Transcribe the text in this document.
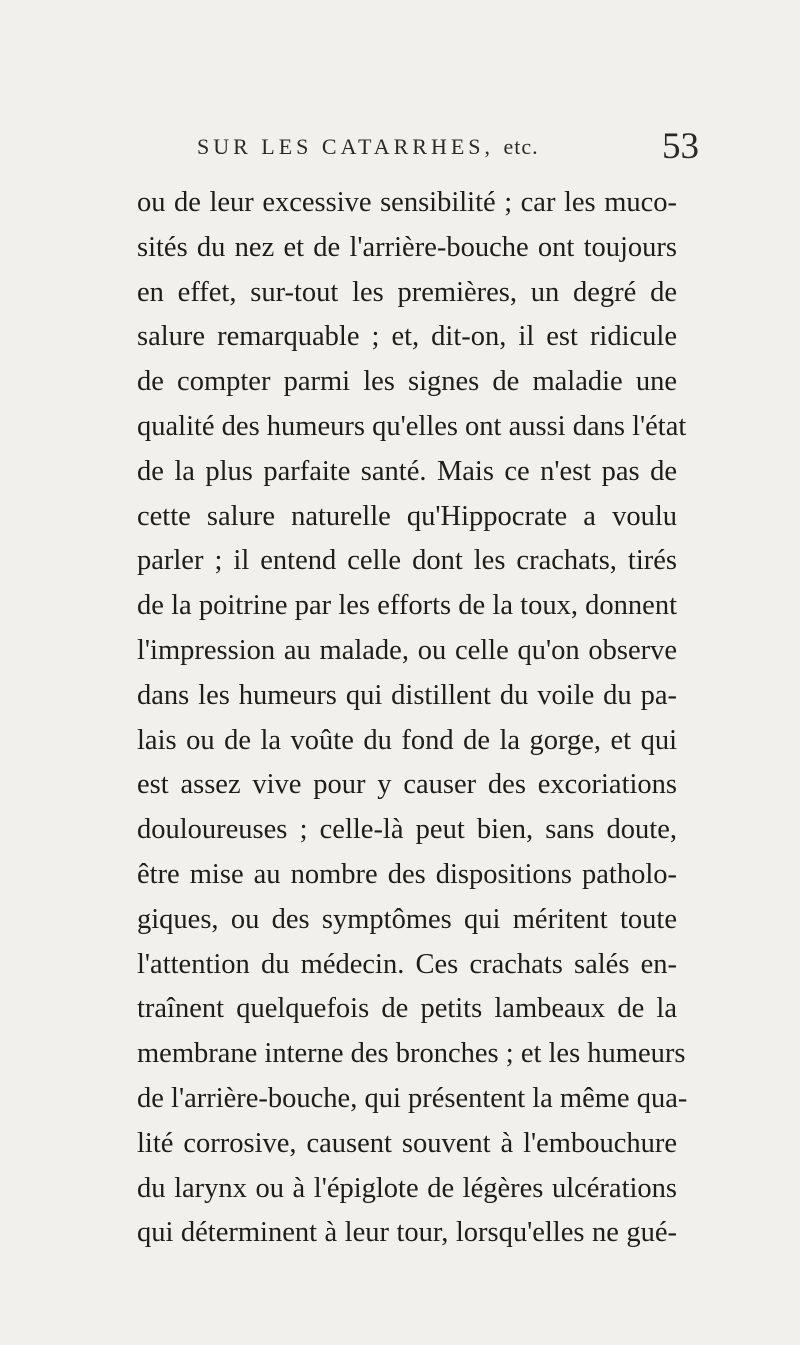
SUR LES CATARRHES, etc.	53
ou de leur excessive sensibilité ; car les muco-
sités du nez et de l'arrière-bouche ont toujours
en effet, sur-tout les premières, un degré de
salure remarquable ; et, dit-on, il est ridicule
de compter parmi les signes de maladie une
qualité des humeurs qu'elles ont aussi dans l'état
de la plus parfaite santé. Mais ce n'est pas de
cette salure naturelle qu'Hippocrate a voulu
parler ; il entend celle dont les crachats, tirés
de la poitrine par les efforts de la toux, donnent
l'impression au malade, ou celle qu'on observe
dans les humeurs qui distillent du voile du pa-
lais ou de la voûte du fond de la gorge, et qui
est assez vive pour y causer des excoriations
douloureuses ; celle-là peut bien, sans doute,
être mise au nombre des dispositions patholo-
giques, ou des symptômes qui méritent toute
l'attention du médecin. Ces crachats salés en-
traînent quelquefois de petits lambeaux de la
membrane interne des bronches ; et les humeurs
de l'arrière-bouche, qui présentent la même qua-
lité corrosive, causent souvent à l'embouchure
du larynx ou à l'épiglote de légères ulcérations
qui déterminent à leur tour, lorsqu'elles ne gué-
